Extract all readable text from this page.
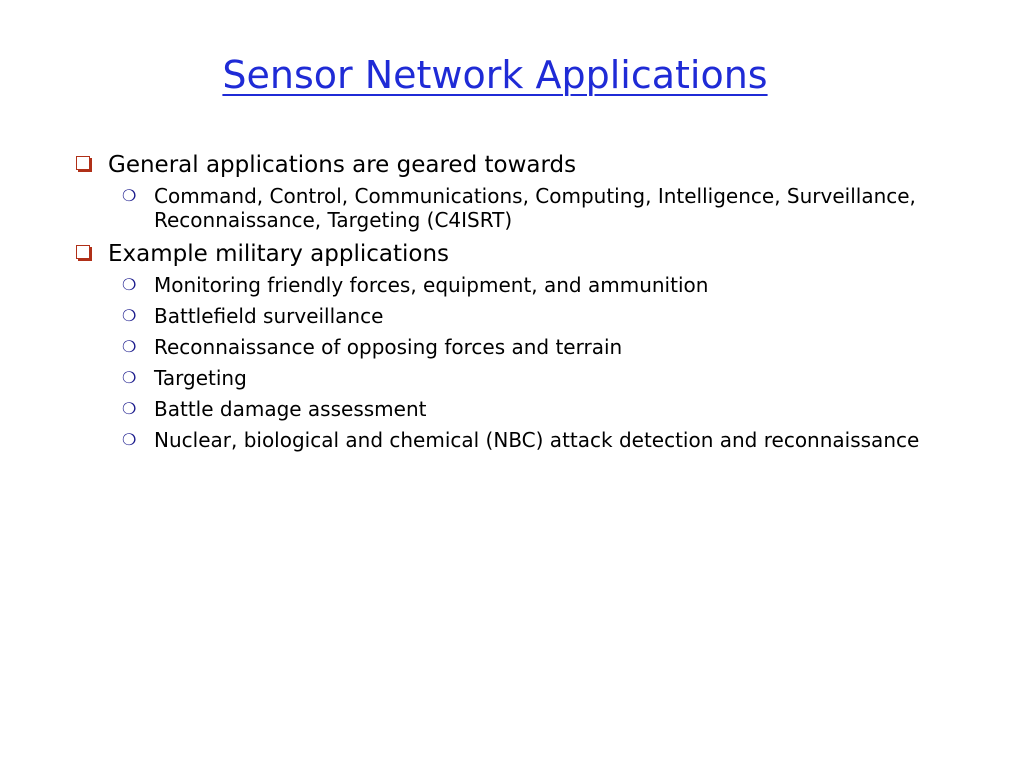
Sensor Network Applications
General applications are geared towards
❍ Command, Control, Communications, Computing, Intelligence, Surveillance, Reconnaissance, Targeting (C4ISRT)
Example military applications
❍ Monitoring friendly forces, equipment, and ammunition
❍ Battlefield surveillance
❍ Reconnaissance of opposing forces and terrain
❍ Targeting
❍ Battle damage assessment
❍ Nuclear, biological and chemical (NBC) attack detection and reconnaissance
